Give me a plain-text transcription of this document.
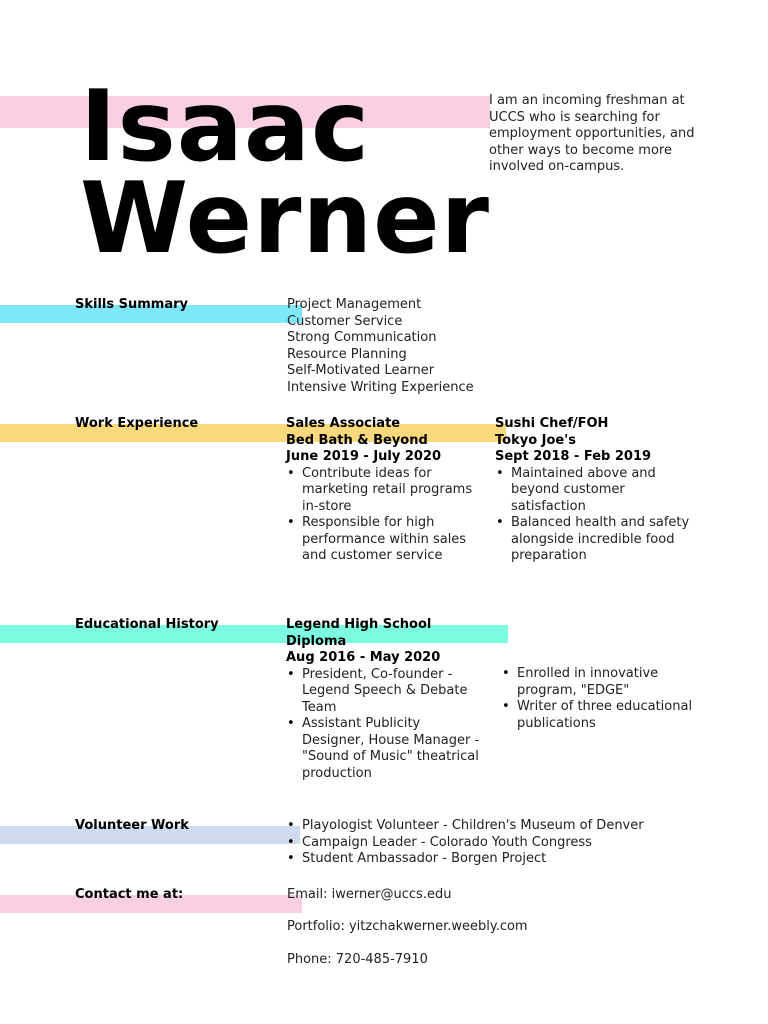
Isaac
Werner
I am an incoming freshman at UCCS who is searching for employment opportunities, and other ways to become more involved on-campus.
Skills Summary	Project Management
Customer Service
Strong Communication
Resource Planning
Self-Motivated Learner
Intensive Writing Experience
Work Experience	Sales Associate
Bed Bath & Beyond
June 2019 - July 2020
• Contribute ideas for marketing retail programs in-store
• Responsible for high performance within sales and customer service
Sushi Chef/FOH
Tokyo Joe's
Sept 2018 - Feb 2019
• Maintained above and beyond customer satisfaction
• Balanced health and safety alongside incredible food preparation
Educational History	Legend High School
Diploma
Aug 2016 - May 2020
• President, Co-founder - Legend Speech & Debate Team
• Assistant Publicity Designer, House Manager - "Sound of Music" theatrical production
• Enrolled in innovative program, "EDGE"
• Writer of three educational publications
Volunteer Work
•	Playologist Volunteer - Children's Museum of Denver
• Campaign Leader - Colorado Youth Congress
• Student Ambassador - Borgen Project
Contact me at:	Email: iwerner@uccs.edu
Portfolio: yitzchakwerner.weebly.com
Phone: 720-485-7910
